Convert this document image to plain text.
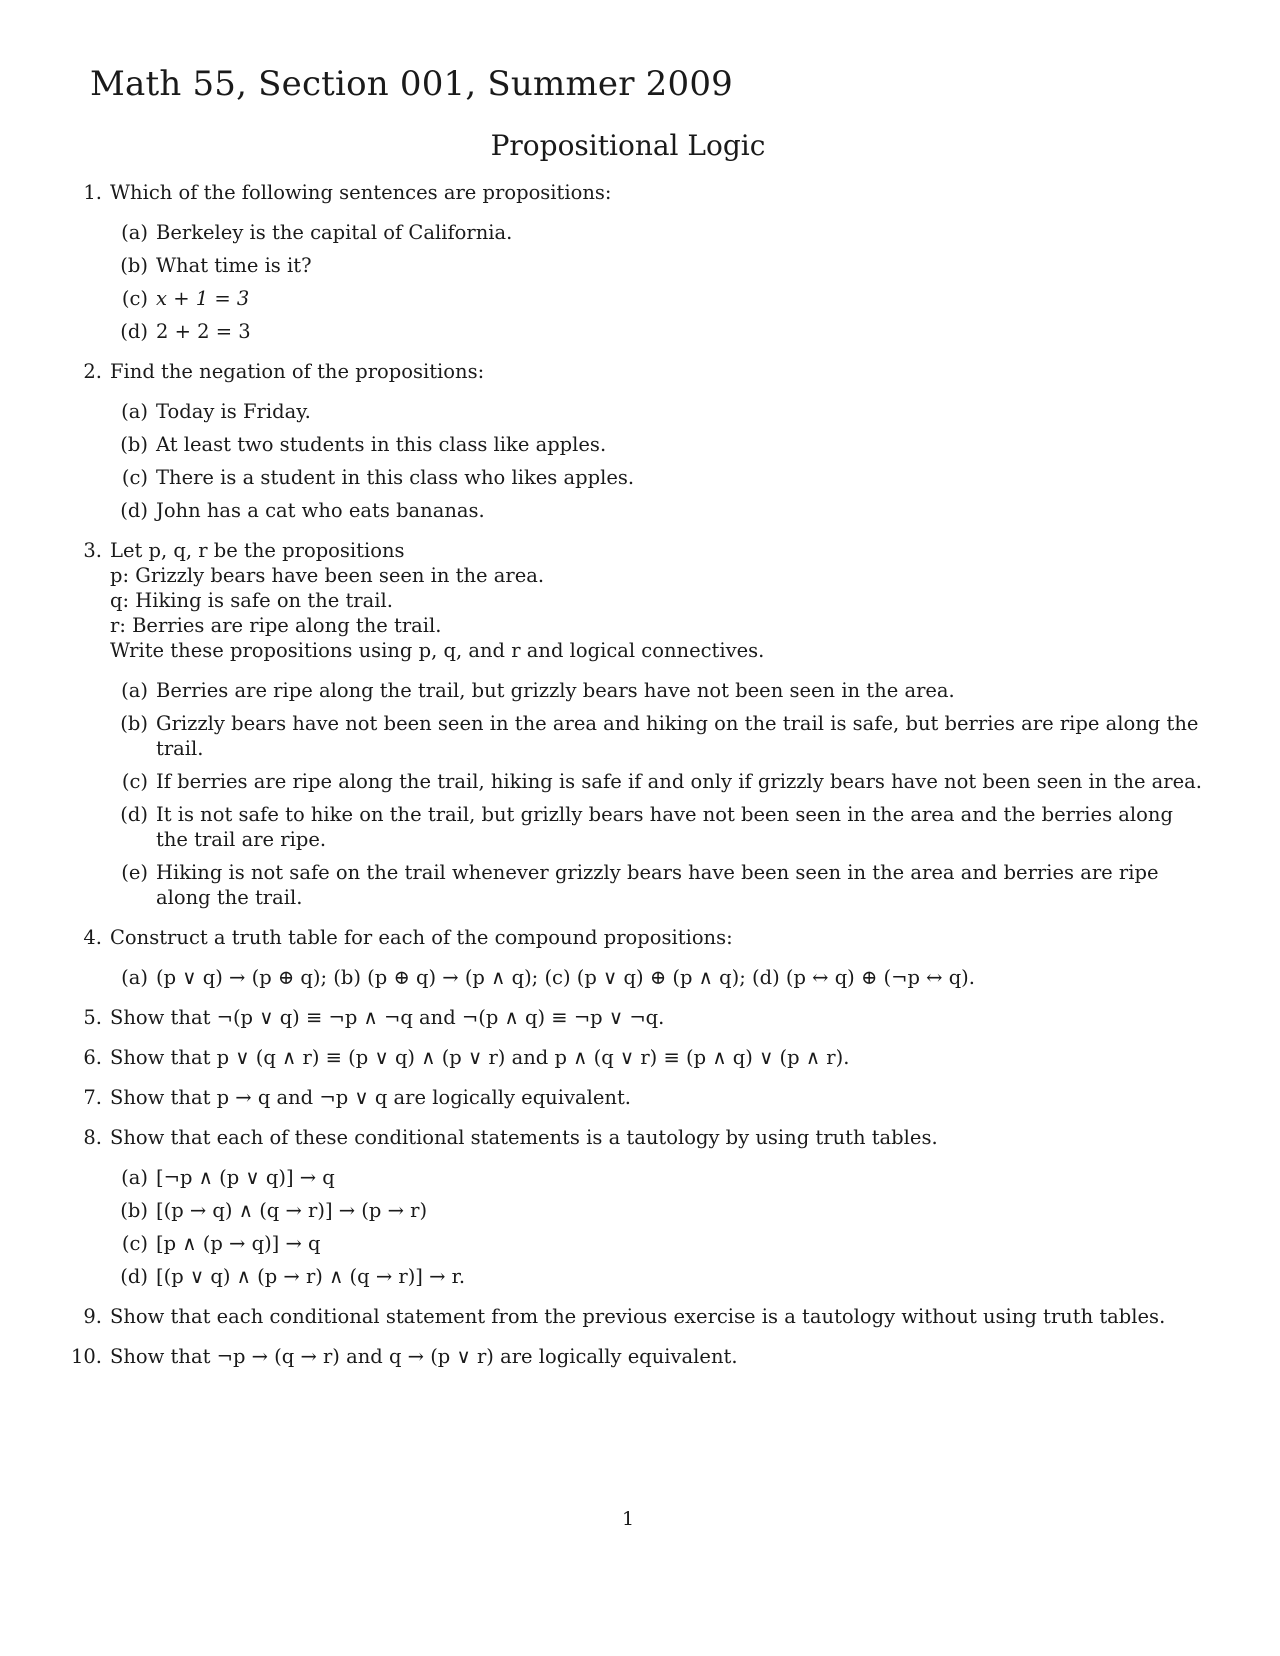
Math 55, Section 001, Summer 2009
Propositional Logic
1. Which of the following sentences are propositions:
(a) Berkeley is the capital of California.
(b) What time is it?
(c) x + 1 = 3
(d) 2 + 2 = 3
2. Find the negation of the propositions:
(a) Today is Friday.
(b) At least two students in this class like apples.
(c) There is a student in this class who likes apples.
(d) John has a cat who eats bananas.
3. Let p, q, r be the propositions
p: Grizzly bears have been seen in the area.
q: Hiking is safe on the trail.
r: Berries are ripe along the trail.
Write these propositions using p, q, and r and logical connectives.
(a) Berries are ripe along the trail, but grizzly bears have not been seen in the area.
(b) Grizzly bears have not been seen in the area and hiking on the trail is safe, but berries are ripe along the trail.
(c) If berries are ripe along the trail, hiking is safe if and only if grizzly bears have not been seen in the area.
(d) It is not safe to hike on the trail, but grizlly bears have not been seen in the area and the berries along the trail are ripe.
(e) Hiking is not safe on the trail whenever grizzly bears have been seen in the area and berries are ripe along the trail.
4. Construct a truth table for each of the compound propositions:
(a) (p ∨ q) → (p ⊕ q); (b) (p ⊕ q) → (p ∧ q); (c) (p ∨ q) ⊕ (p ∧ q); (d) (p ↔ q) ⊕ (¬p ↔ q).
5. Show that ¬(p ∨ q) ≡ ¬p ∧ ¬q and ¬(p ∧ q) ≡ ¬p ∨ ¬q.
6. Show that p ∨ (q ∧ r) ≡ (p ∨ q) ∧ (p ∨ r) and p ∧ (q ∨ r) ≡ (p ∧ q) ∨ (p ∧ r).
7. Show that p → q and ¬p ∨ q are logically equivalent.
8. Show that each of these conditional statements is a tautology by using truth tables.
(a) [¬p ∧ (p ∨ q)] → q
(b) [(p → q) ∧ (q → r)] → (p → r)
(c) [p ∧ (p → q)] → q
(d) [(p ∨ q) ∧ (p → r) ∧ (q → r)] → r.
9. Show that each conditional statement from the previous exercise is a tautology without using truth tables.
10. Show that ¬p → (q → r) and q → (p ∨ r) are logically equivalent.
1
